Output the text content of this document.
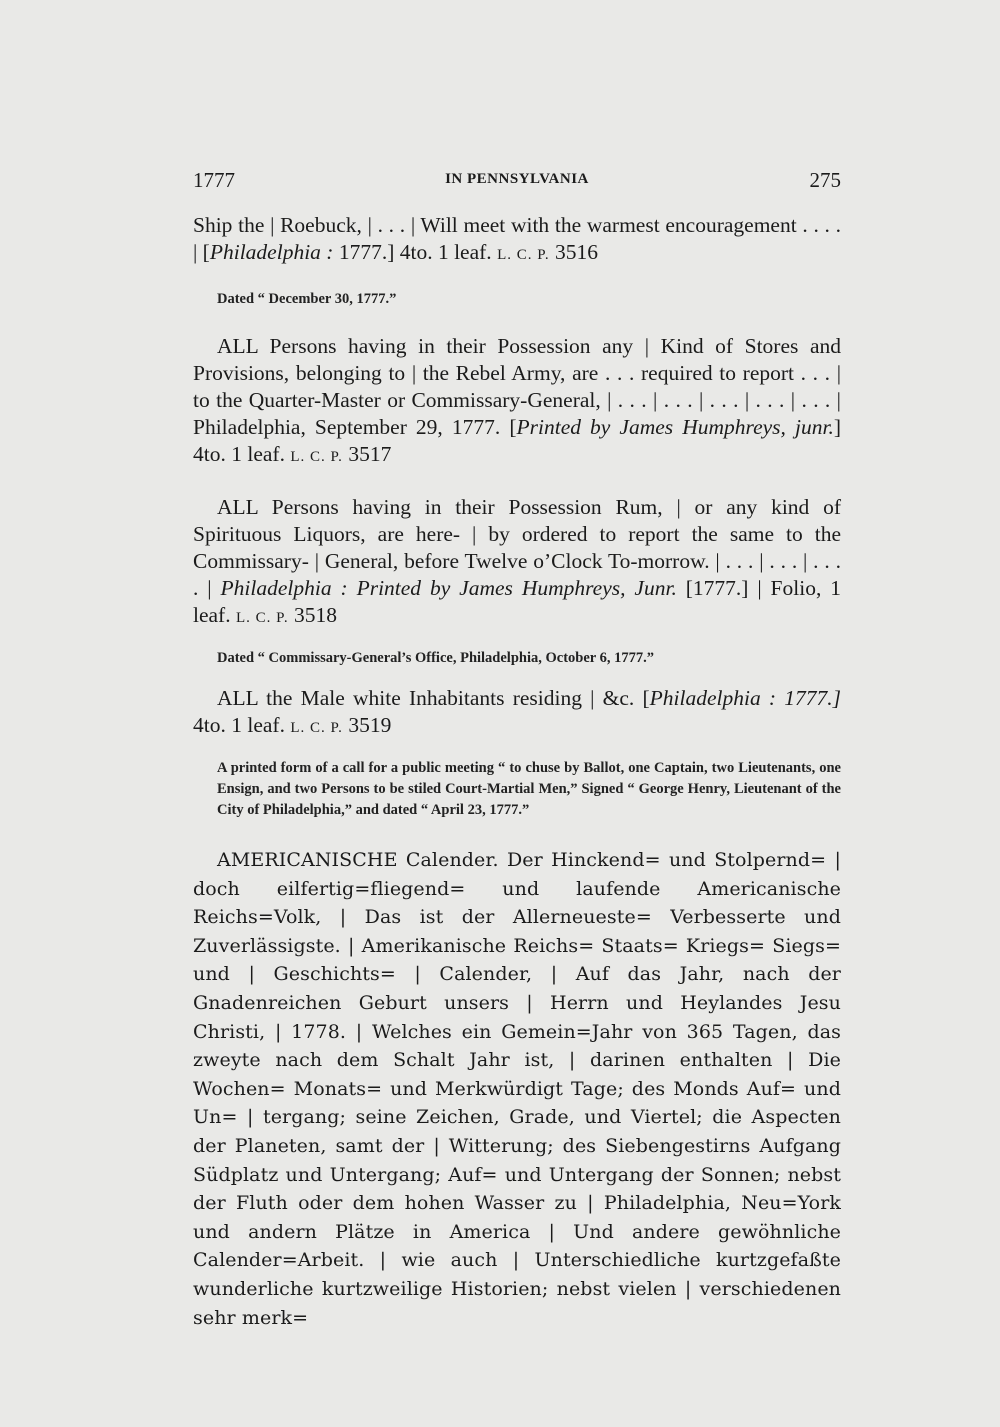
1777	IN PENNSYLVANIA	275
Ship the | Roebuck, | . . . | Will meet with the warmest encouragement . . . . | [Philadelphia : 1777.] 4to. 1 leaf. L. C. P. 3516
Dated “ December 30, 1777.”
ALL Persons having in their Possession any | Kind of Stores and Provisions, belonging to | the Rebel Army, are . . . required to report . . . | to the Quarter-Master or Commissary-General, | . . . | . . . | . . . | . . . | . . . | Philadelphia, September 29, 1777. [Printed by James Humphreys, junr.] 4to. 1 leaf. L. C. P. 3517
ALL Persons having in their Possession Rum, | or any kind of Spirituous Liquors, are here- | by ordered to report the same to the Commissary- | General, before Twelve o’Clock To-morrow. | . . . | . . . | . . . . | Philadelphia : Printed by James Humphreys, Junr. [1777.] | Folio, 1 leaf. L. C. P. 3518
Dated “ Commissary-General’s Office, Philadelphia, October 6, 1777.”
ALL the Male white Inhabitants residing | &c. [Philadelphia : 1777.] 4to. 1 leaf. L. C. P. 3519
A printed form of a call for a public meeting “ to chuse by Ballot, one Captain, two Lieutenants, one Ensign, and two Persons to be stiled Court-Martial Men,” Signed “ George Henry, Lieutenant of the City of Philadelphia,” and dated “ April 23, 1777.”
AMERICANISCHE Calender. Der Hinckend= und Stolpernd= | doch eilfertig=fliegend= und laufende Americanische Reichs=Volk, | Das ist der Allerneueste= Verbesserte und Zuverlässigste. | Amerikanische Reichs= Staats= Kriegs= Siegs= und | Geschichts= | Calender, | Auf das Jahr, nach der Gnadenreichen Geburt unsers | Herrn und Heylandes Jesu Christi, | 1778. | Welches ein Gemein=Jahr von 365 Tagen, das zweyte nach dem Schalt Jahr ist, | darinen enthalten | Die Wochen= Monats= und Merkwürdigt Tage; des Monds Auf= und Un= | tergang; seine Zeichen, Grade, und Viertel; die Aspecten der Planeten, samt der | Witterung; des Siebengestirns Aufgang Südplatz und Untergang; Auf= und Untergang der Sonnen; nebst der Fluth oder dem hohen Wasser zu | Philadelphia, Neu=York und andern Plätze in America | Und andere gewöhnliche Calender=Arbeit. | wie auch | Unterschiedliche kurtzgefaßte wunderliche kurtzweilige Historien; nebst vielen | verschiedenen sehr merk=
